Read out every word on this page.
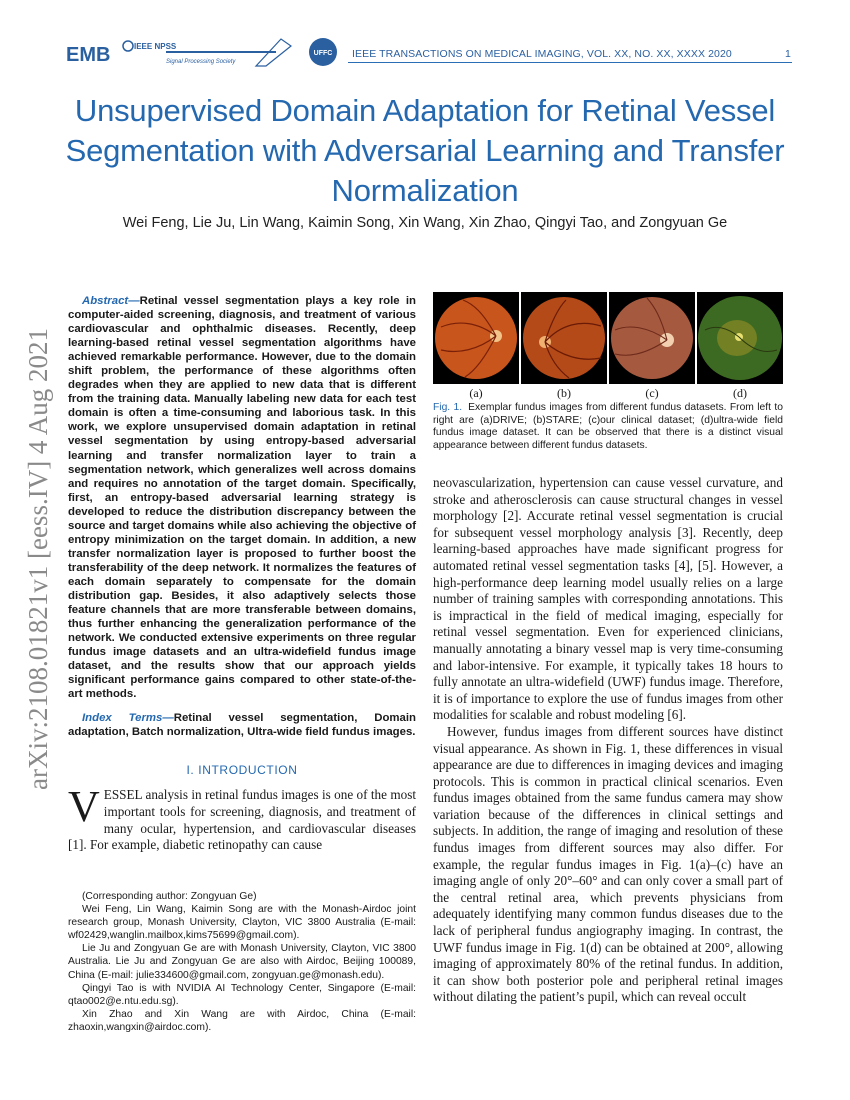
EMB	IEEE NPSS
Signal Processing Society
UFFC IEEE TRANSACTIONS ON MEDICAL IMAGING, VOL. XX, NO. XX, XXXX 2020	1
Unsupervised Domain Adaptation for Retinal Vessel Segmentation with Adversarial Learning and Transfer Normalization
Wei Feng, Lie Ju, Lin Wang, Kaimin Song, Xin Wang, Xin Zhao, Qingyi Tao, and Zongyuan Ge
arXiv:2108.01821v1 [eess.IV] 4 Aug 2021

Abstract—Retinal vessel segmentation plays a key role in computer-aided screening, diagnosis, and treatment of various cardiovascular and ophthalmic diseases. Recently, deep learning-based retinal vessel segmentation algorithms have achieved remarkable performance. However, due to the domain shift problem, the performance of these algorithms often degrades when they are applied to new data that is different from the training data. Manually labeling new data for each test domain is often a time-consuming and laborious task. In this work, we explore unsupervised domain adaptation in retinal vessel segmentation by using entropy-based adversarial learning and transfer normalization layer to train a segmentation network, which generalizes well across domains and requires no annotation of the target domain. Specifically, first, an entropy-based adversarial learning strategy is developed to reduce the distribution discrepancy between the source and target domains while also achieving the objective of entropy minimization on the target domain. In addition, a new transfer normalization layer is proposed to further boost the transferability of the deep network. It normalizes the features of each domain separately to compensate for the domain distribution gap. Besides, it also adaptively selects those feature channels that are more transferable between domains, thus further enhancing the generalization performance of the network. We conducted extensive experiments on three regular fundus image datasets and an ultra-widefield fundus image dataset, and the results show that our approach yields significant performance gains compared to other state-of-the-art methods.

Index Terms—Retinal vessel segmentation, Domain adaptation, Batch normalization, Ultra-wide field fundus images.

I. INTRODUCTION

VESSEL analysis in retinal fundus images is one of the most important tools for screening, diagnosis, and treatment of many ocular, hypertension, and cardiovascular diseases [1]. For example, diabetic retinopathy can cause

(Corresponding author: Zongyuan Ge)

Wei Feng, Lin Wang, Kaimin Song are with the Monash-Airdoc joint research group, Monash University, Clayton, VIC 3800 Australia (E-mail: wf02429,wanglin.mailbox,kims75699@gmail.com).

Lie Ju and Zongyuan Ge are with Monash University, Clayton, VIC 3800 Australia. Lie Ju and Zongyuan Ge are also with Airdoc, Beijing 100089, China (E-mail: julie334600@gmail.com, zongyuan.ge@monash.edu).

Qingyi Tao is with NVIDIA AI Technology Center, Singapore (E-mail: qtao002@e.ntu.edu.sg).

Xin Zhao and Xin Wang are with Airdoc, China (E-mail: zhaoxin,wangxin@airdoc.com).

(a)	(b)	(c)	(d)

Fig. 1. Exemplar fundus images from different fundus datasets. From left to right are (a)DRIVE; (b)STARE; (c)our clinical dataset; (d)ultra-wide field fundus image dataset. It can be observed that there is a distinct visual appearance between different fundus datasets.

neovascularization, hypertension can cause vessel curvature, and stroke and atherosclerosis can cause structural changes in vessel morphology [2]. Accurate retinal vessel segmentation is crucial for subsequent vessel morphology analysis [3]. Recently, deep learning-based approaches have made significant progress for automated retinal vessel segmentation tasks [4], [5]. However, a high-performance deep learning model usually relies on a large number of training samples with corresponding annotations. This is impractical in the field of medical imaging, especially for retinal vessel segmentation. Even for experienced clinicians, manually annotating a binary vessel map is very time-consuming and labor-intensive. For example, it typically takes 18 hours to fully annotate an ultra-widefield (UWF) fundus image. Therefore, it is of importance to explore the use of fundus images from other modalities for scalable and robust modeling [6].

However, fundus images from different sources have distinct visual appearance. As shown in Fig. 1, these differences in visual appearance are due to differences in imaging devices and imaging protocols. This is common in practical clinical scenarios. Even fundus images obtained from the same fundus camera may show variation because of the differences in clinical settings and subjects. In addition, the range of imaging and resolution of these fundus images from different sources may also differ. For example, the regular fundus images in Fig. 1(a)–(c) have an imaging angle of only 20°–60° and can only cover a small part of the central retinal area, which prevents physicians from adequately identifying many common fundus diseases due to the lack of peripheral fundus angiography imaging. In contrast, the UWF fundus image in Fig. 1(d) can be obtained at 200°, allowing imaging of approximately 80% of the retinal fundus. In addition, it can show both posterior pole and peripheral retinal images without dilating the patient’s pupil, which can reveal occult
